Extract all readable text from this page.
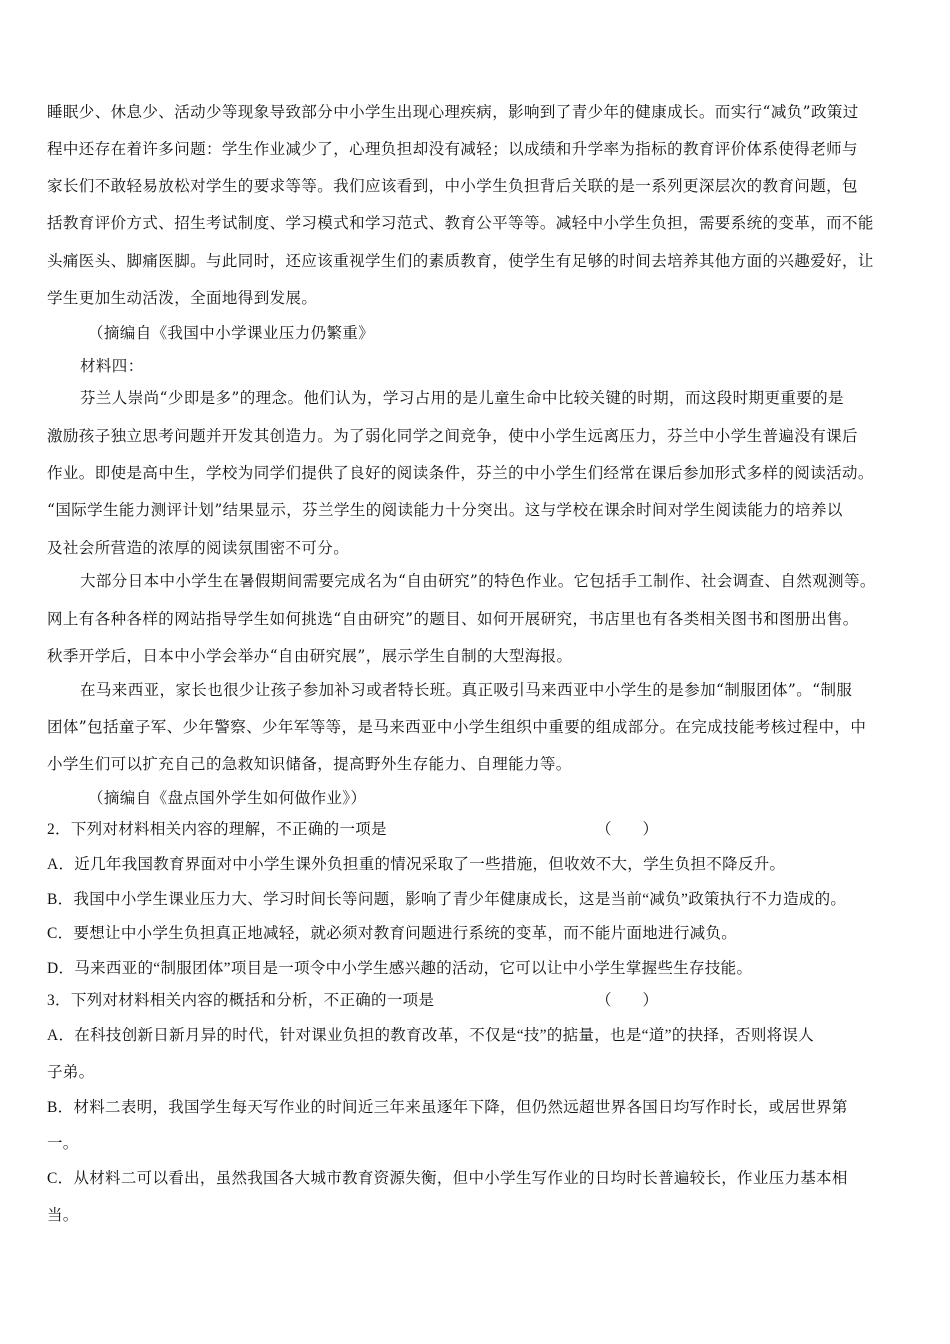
睡眠少、休息少、活动少等现象导致部分中小学生出现心理疾病，影响到了青少年的健康成长。而实行“减负”政策过
程中还存在着许多问题：学生作业减少了，心理负担却没有减轻；以成绩和升学率为指标的教育评价体系使得老师与
家长们不敢轻易放松对学生的要求等等。我们应该看到，中小学生负担背后关联的是一系列更深层次的教育问题，包
括教育评价方式、招生考试制度、学习模式和学习范式、教育公平等等。减轻中小学生负担，需要系统的变革，而不能
头痛医头、脚痛医脚。与此同时，还应该重视学生们的素质教育，使学生有足够的时间去培养其他方面的兴趣爱好，让
学生更加生动活泼，全面地得到发展。
（摘编自《我国中小学课业压力仍繁重》
材料四：
芬兰人崇尚“少即是多”的理念。他们认为，学习占用的是儿童生命中比较关键的时期，而这段时期更重要的是
激励孩子独立思考问题并开发其创造力。为了弱化同学之间竞争，使中小学生远离压力，芬兰中小学生普遍没有课后
作业。即使是高中生，学校为同学们提供了良好的阅读条件，芬兰的中小学生们经常在课后参加形式多样的阅读活动。
“国际学生能力测评计划”结果显示，芬兰学生的阅读能力十分突出。这与学校在课余时间对学生阅读能力的培养以
及社会所营造的浓厚的阅读氛围密不可分。
大部分日本中小学生在暑假期间需要完成名为“自由研究”的特色作业。它包括手工制作、社会调查、自然观测等。
网上有各种各样的网站指导学生如何挑选“自由研究”的题目、如何开展研究，书店里也有各类相关图书和图册出售。
秋季开学后，日本中小学会举办“自由研究展”，展示学生自制的大型海报。
在马来西亚，家长也很少让孩子参加补习或者特长班。真正吸引马来西亚中小学生的是参加“制服团体”。“制服
团体”包括童子军、少年警察、少年军等等，是马来西亚中小学生组织中重要的组成部分。在完成技能考核过程中，中
小学生们可以扩充自己的急救知识储备，提高野外生存能力、自理能力等。
（摘编自《盘点国外学生如何做作业》）
2．下列对材料相关内容的理解，不正确的一项是	（　　）
A．近几年我国教育界面对中小学生课外负担重的情况采取了一些措施，但收效不大，学生负担不降反升。
B．我国中小学生课业压力大、学习时间长等问题，影响了青少年健康成长，这是当前“减负”政策执行不力造成的。
C．要想让中小学生负担真正地减轻，就必须对教育问题进行系统的变革，而不能片面地进行减负。
D．马来西亚的“制服团体”项目是一项令中小学生感兴趣的活动，它可以让中小学生掌握些生存技能。
3．下列对材料相关内容的概括和分析，不正确的一项是	（　　）
A．在科技创新日新月异的时代，针对课业负担的教育改革，不仅是“技”的掂量，也是“道”的抉择，否则将误人
子弟。
B．材料二表明，我国学生每天写作业的时间近三年来虽逐年下降，但仍然远超世界各国日均写作时长，或居世界第
一。
C．从材料二可以看出，虽然我国各大城市教育资源失衡，但中小学生写作业的日均时长普遍较长，作业压力基本相
当。
